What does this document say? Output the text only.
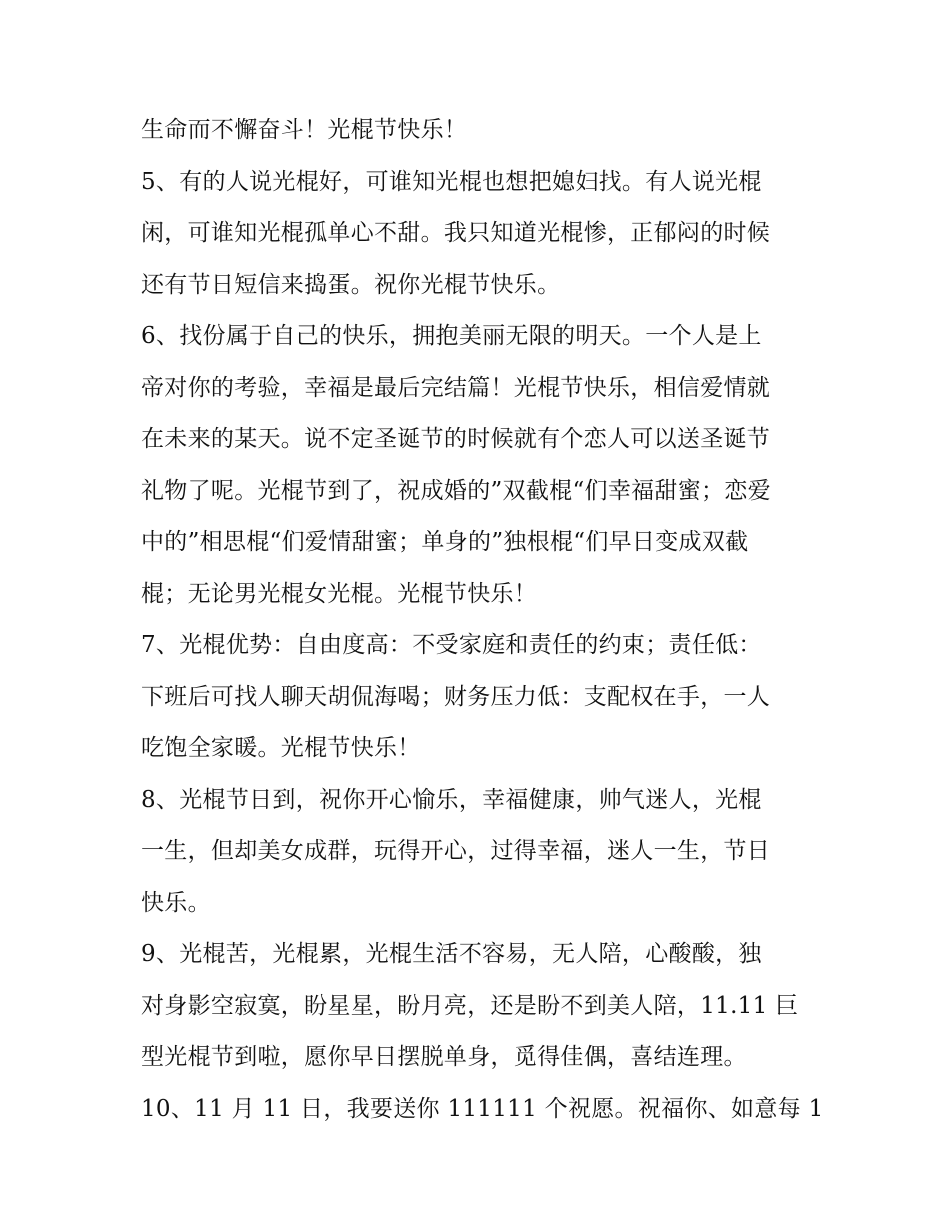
生命而不懈奋斗！光棍节快乐！
5、有的人说光棍好，可谁知光棍也想把媳妇找。有人说光棍
闲，可谁知光棍孤单心不甜。我只知道光棍惨，正郁闷的时候
还有节日短信来捣蛋。祝你光棍节快乐。
6、找份属于自己的快乐，拥抱美丽无限的明天。一个人是上
帝对你的考验，幸福是最后完结篇！光棍节快乐，相信爱情就
在未来的某天。说不定圣诞节的时候就有个恋人可以送圣诞节
礼物了呢。光棍节到了，祝成婚的”双截棍“们幸福甜蜜；恋爱
中的”相思棍“们爱情甜蜜；单身的”独根棍“们早日变成双截
棍；无论男光棍女光棍。光棍节快乐！
7、光棍优势：自由度高：不受家庭和责任的约束；责任低：
下班后可找人聊天胡侃海喝；财务压力低：支配权在手，一人
吃饱全家暖。光棍节快乐！
8、光棍节日到，祝你开心愉乐，幸福健康，帅气迷人，光棍
一生，但却美女成群，玩得开心，过得幸福，迷人一生，节日
快乐。
9、光棍苦，光棍累，光棍生活不容易，无人陪，心酸酸，独
对身影空寂寞，盼星星，盼月亮，还是盼不到美人陪，11.11 巨
型光棍节到啦，愿你早日摆脱单身，觅得佳偶，喜结连理。
10、11 月 11 日，我要送你 111111 个祝愿。祝福你、如意每 1
